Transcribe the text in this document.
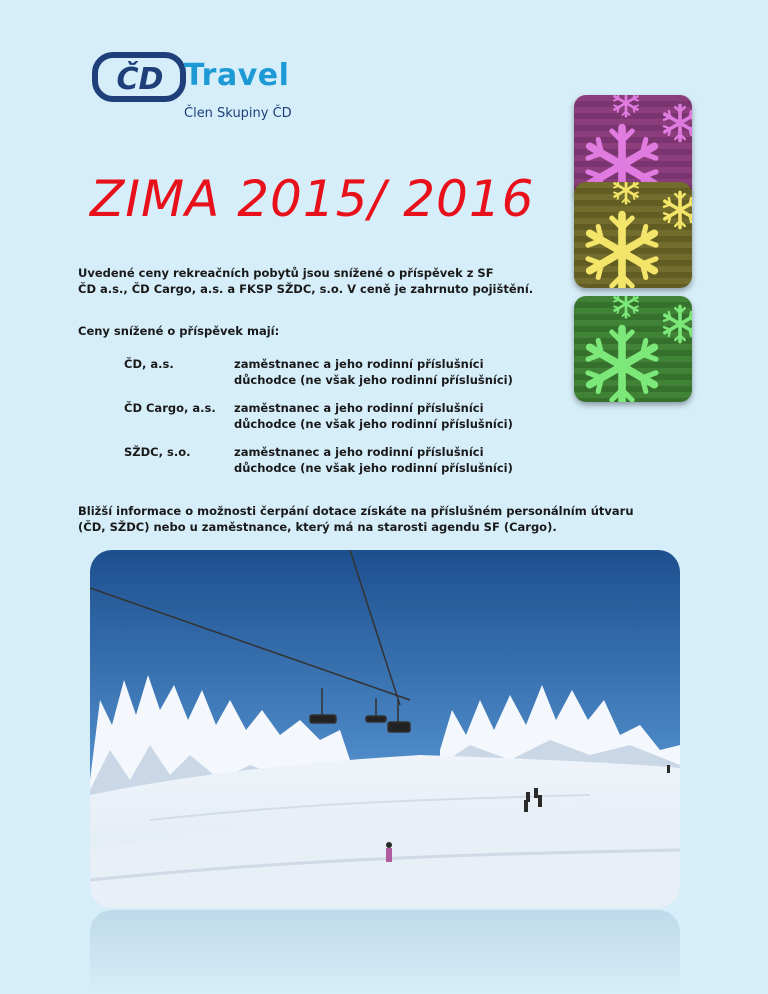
ČD Travel
Člen Skupiny ČD
ZIMA 2015/ 2016
Uvedené ceny rekreačních pobytů jsou snížené o příspěvek z SF
ČD a.s., ČD Cargo, a.s. a FKSP SŽDC, s.o. V ceně je zahrnuto pojištění.
Ceny snížené o příspěvek mají:
ČD, a.s.	zaměstnanec a jeho rodinní příslušníci
důchodce (ne však jeho rodinní příslušníci)
ČD Cargo, a.s.	zaměstnanec a jeho rodinní příslušníci
důchodce (ne však jeho rodinní příslušníci)
SŽDC, s.o.	zaměstnanec a jeho rodinní příslušníci
důchodce (ne však jeho rodinní příslušníci)
Bližší informace o možnosti čerpání dotace získáte na příslušném personálním útvaru
(ČD, SŽDC) nebo u zaměstnance, který má na starosti agendu SF (Cargo).
